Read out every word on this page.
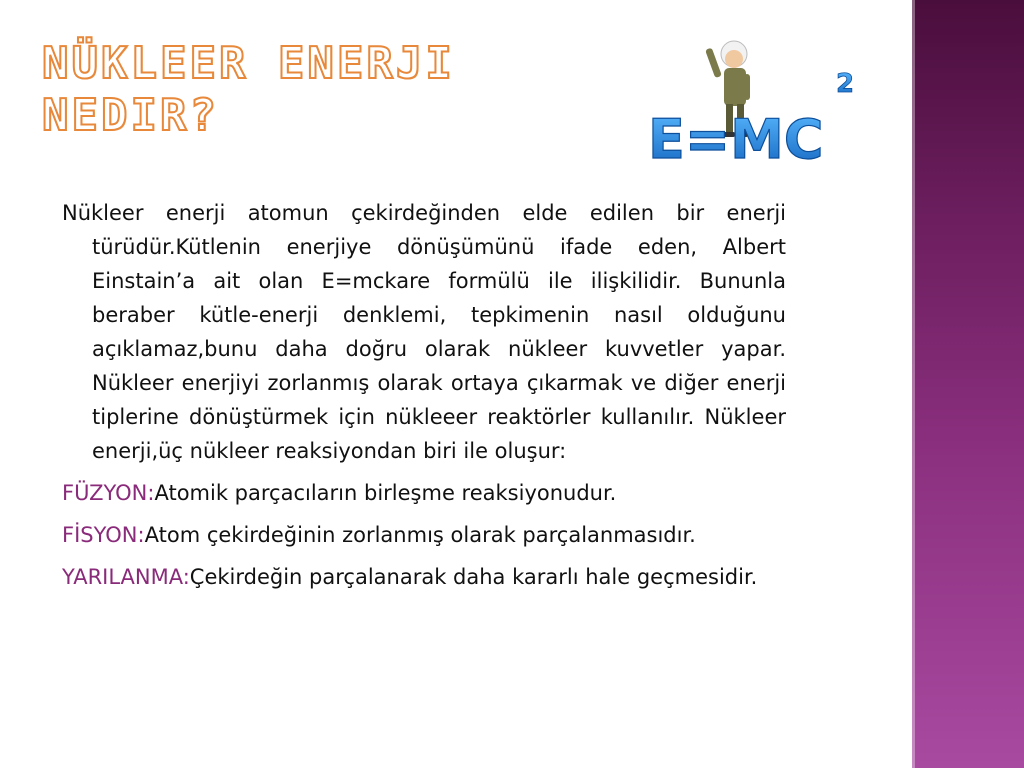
NÜKLEER ENERJI
NEDIR?	E=MC
2

Nükleer enerji atomun çekirdeğinden elde edilen bir enerji türüdür.Kütlenin enerjiye dönüşümünü ifade eden, Albert Einstain’a ait olan E=mckare formülü ile ilişkilidir. Bununla beraber kütle-enerji denklemi, tepkimenin nasıl olduğunu açıklamaz,bunu daha doğru olarak nükleer kuvvetler yapar. Nükleer enerjiyi zorlanmış olarak ortaya çıkarmak ve diğer enerji tiplerine dönüştürmek için nükleeer reaktörler kullanılır. Nükleer enerji,üç nükleer reaksiyondan biri ile oluşur:

FÜZYON:Atomik parçacıların birleşme reaksiyonudur.

FİSYON:Atom çekirdeğinin zorlanmış olarak parçalanmasıdır.

YARILANMA:Çekirdeğin parçalanarak daha kararlı hale geçmesidir.
